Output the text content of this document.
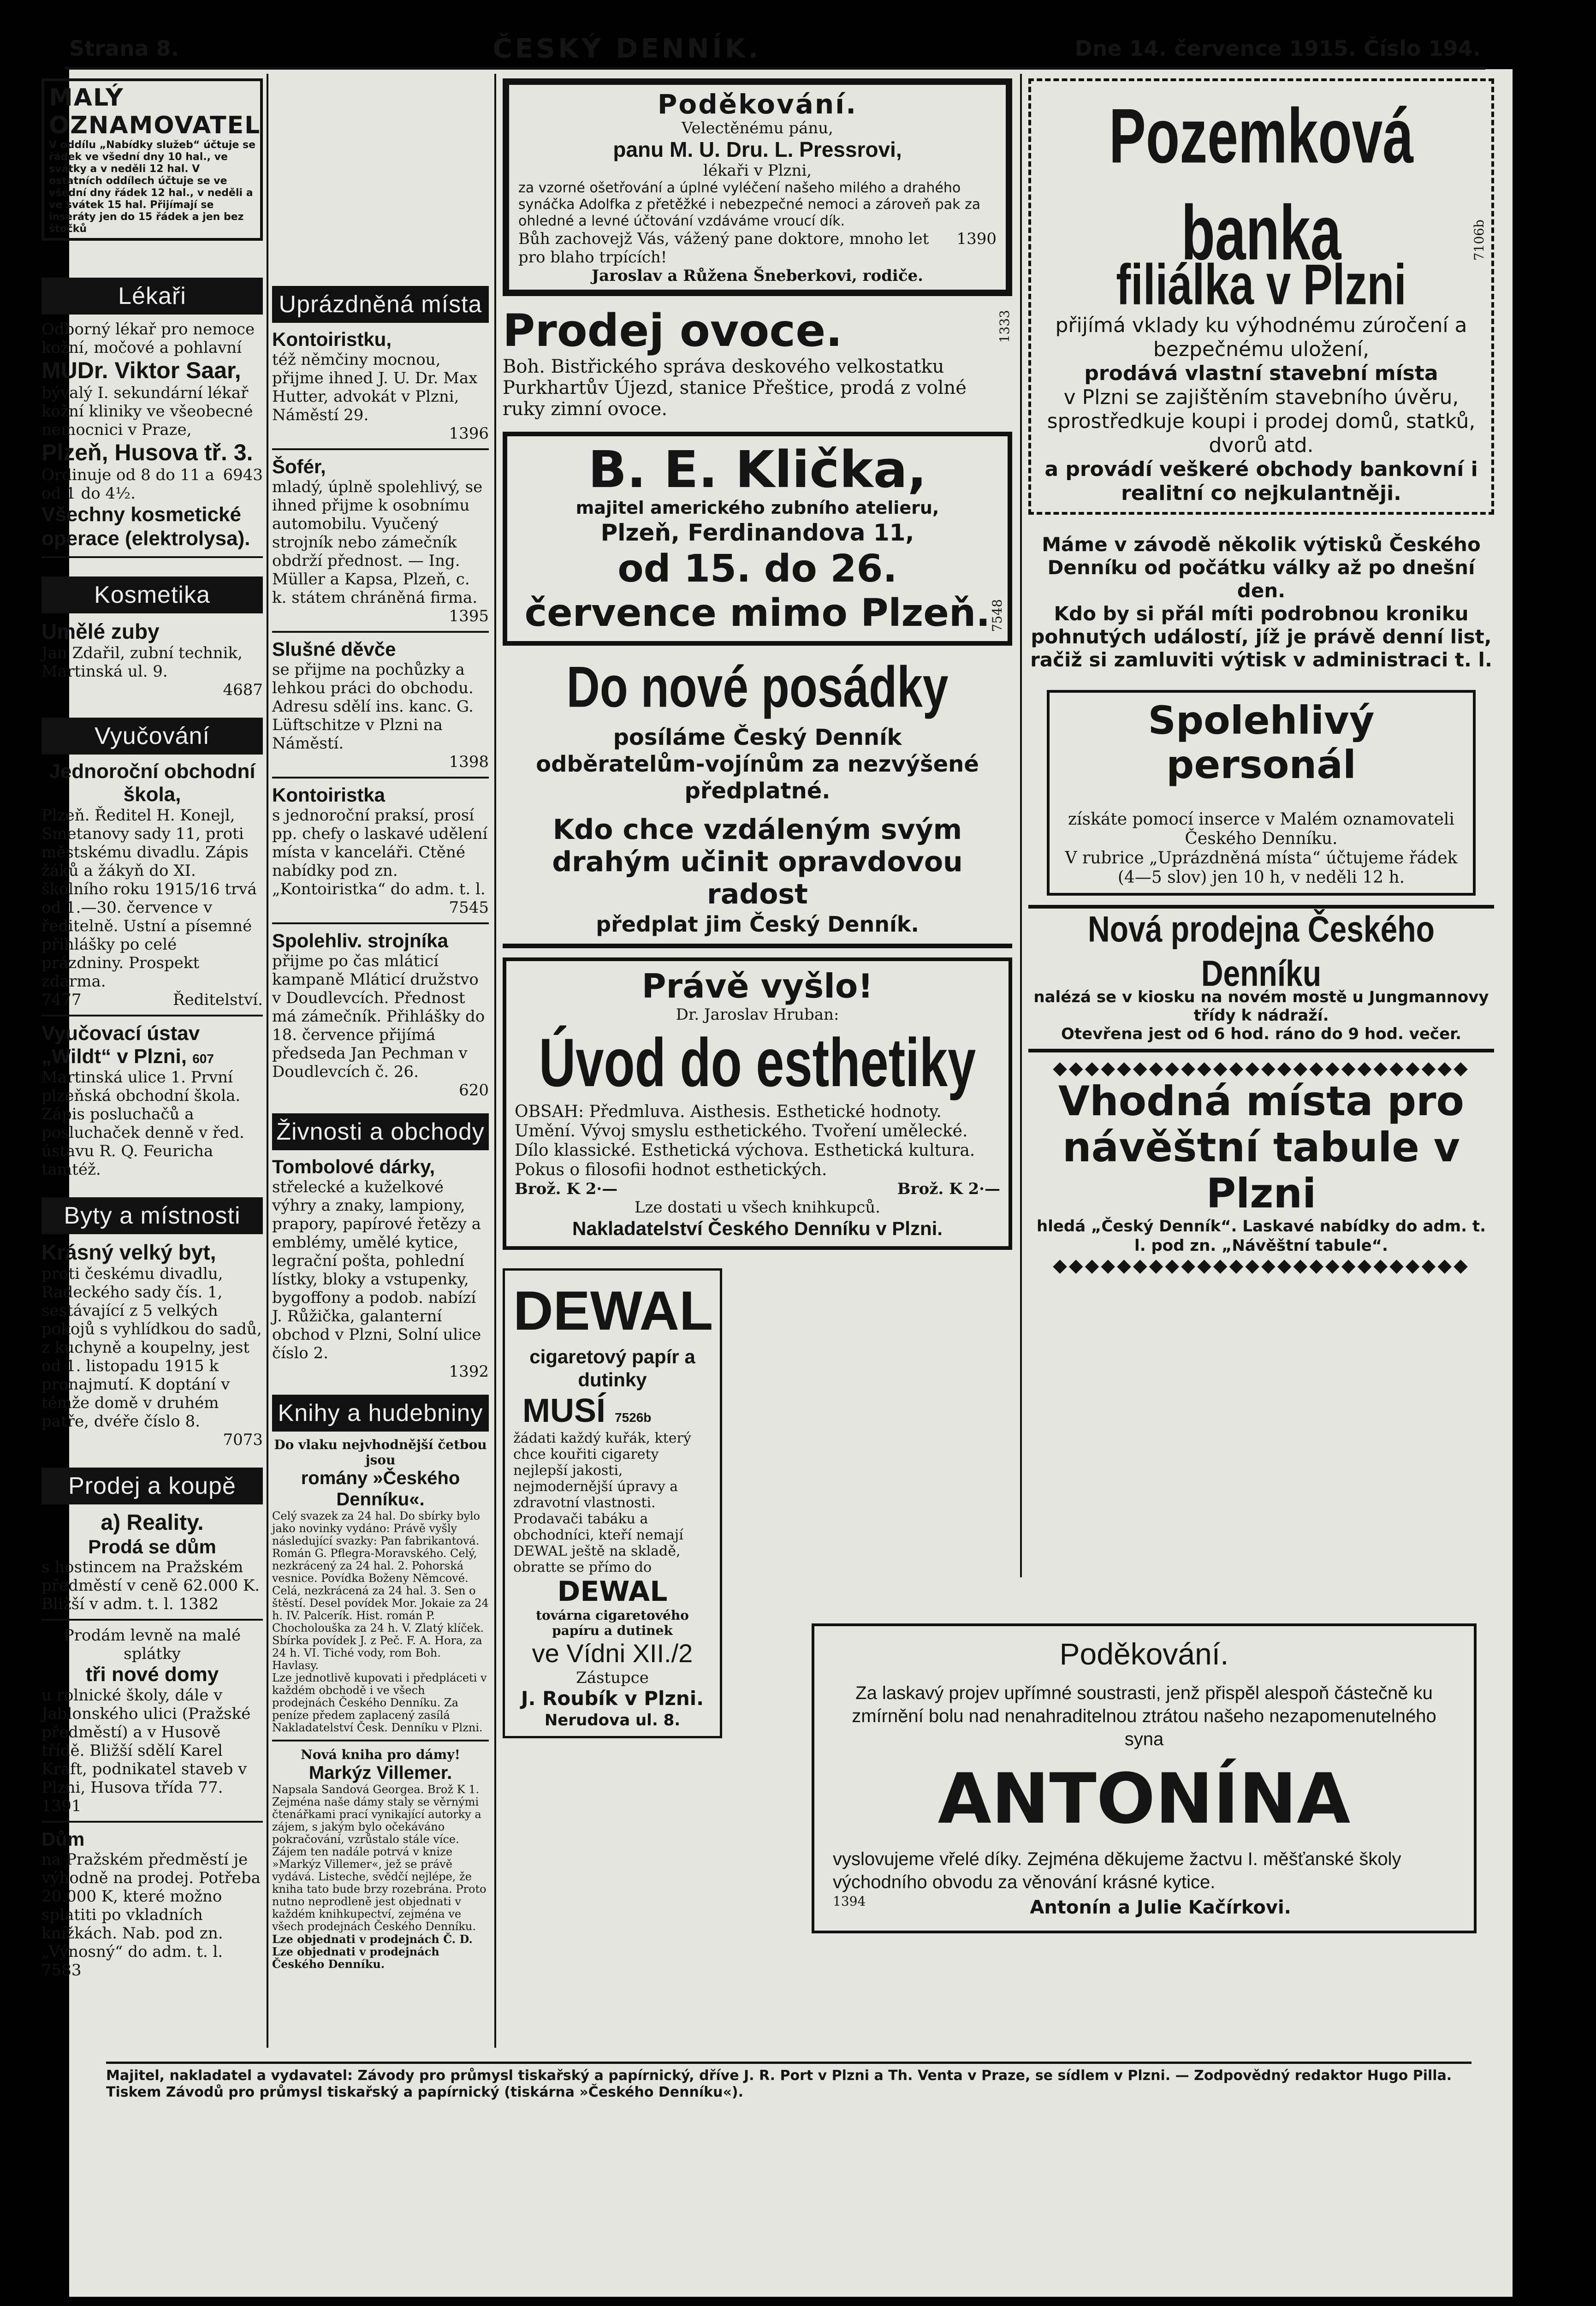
Strana 8.	ČESKÝ DENNÍK.	Dne 14. července 1915. Číslo 194.

MALÝ OZNAMOVATEL

V oddílu „Nabídky služeb“ účtuje se řádek ve všední dny 10 hal., ve svátky a v neděli 12 hal. V ostatních oddílech účtuje se ve všední dny řádek 12 hal., v neděli a ve svátek 15 hal. Přijímají se inseráty jen do 15 řádek a jen bez štočků

Lékaři

Odborný lékař pro nemoce kožní, močové a pohlavní

MUDr. Viktor Saar,

bývalý I. sekundární lékař kožní kliniky ve všeobecné nemocnici v Praze,

Plzeň, Husova tř. 3.

Ordinuje od 8 do 11 a od 1 do 4½.
6943

Všechny kosmetické operace (elektrolysa).

Kosmetika

Umělé zuby

Jan Zdařil, zubní technik, Martinská ul. 9.

4687

Vyučování

Jednoroční obchodní škola,

Plzeň. Ředitel H. Konejl, Smetanovy sady 11, proti městskému divadlu. Zápis žáků a žákyň do XI. školního roku 1915/16 trvá od 1.—30. července v ředitelně. Ustní a písemné přihlášky po celé prázdniny. Prospekt zdarma.

7477	Ředitelství.

Vyučovací ústav „Wildt“ v Plzni, 607

Martinská ulice 1. První plzeňská obchodní škola. Zápis posluchačů a posluchaček denně v řed. ústavu R. Q. Feuricha tamtéž.

Byty a místnosti

Krásný velký byt,

proti českému divadlu, Radeckého sady čís. 1, sestávající z 5 velkých pokojů s vyhlídkou do sadů, z kuchyně a koupelny, jest od 1. listopadu 1915 k pronajmutí. K doptání v témže domě v druhém patře, dvéře číslo 8.

7073

Prodej a koupě

a) Reality.

Prodá se dům

s hostincem na Pražském předměstí v ceně 62.000 K. Bližší v adm. t. l. 1382

Prodám levně na malé splátky

tři nové domy

u rolnické školy, dále v Jablonského ulici (Pražské předměstí) a v Husově třídě. Bližší sdělí Karel Kraft, podnikatel staveb v Plzni, Husova třída 77. 1391

Dům

na Pražském předměstí je výhodně na prodej. Potřeba 20.000 K, které možno splatiti po vkladních knížkách. Nab. pod zn. „Výnosný“ do adm. t. l. 7583

Uprázdněná místa

Kontoiristku,

též němčiny mocnou, přijme ihned J. U. Dr. Max Hutter, advokát v Plzni, Náměstí 29.

1396

Šofér,

mladý, úplně spolehlivý, se ihned přijme k osobnímu automobilu. Vyučený strojník nebo zámečník obdrží přednost. — Ing. Müller a Kapsa, Plzeň, c. k. státem chráněná firma.

1395

Slušné děvče

se přijme na pochůzky a lehkou práci do obchodu. Adresu sdělí ins. kanc. G. Lüftschitze v Plzni na Náměstí.

1398

Kontoiristka

s jednoroční praksí, prosí pp. chefy o laskavé udělení místa v kanceláři. Ctěné nabídky pod zn. „Kontoiristka“ do adm. t. l.

7545

Spolehliv. strojníka

přijme po čas mláticí kampaně Mláticí družstvo v Doudlevcích. Přednost má zámečník. Přihlášky do 18. července přijímá předseda Jan Pechman v Doudlevcích č. 26.

620

Živnosti a obchody

Tombolové dárky,

střelecké a kuželkové výhry a znaky, lampiony, prapory, papírové řetězy a emblémy, umělé kytice, legrační pošta, pohlední lístky, bloky a vstupenky, bygoffony a podob. nabízí J. Růžička, galanterní obchod v Plzni, Solní ulice číslo 2.

1392

Knihy a hudebniny

Do vlaku nejvhodnější četbou jsou

romány »Českého Denníku«.

Celý svazek za 24 hal. Do sbírky bylo jako novinky vydáno: Právě vyšly následující svazky: Pan fabrikantová. Román G. Pflegra-Moravského. Celý, nezkrácený za 24 hal. 2. Pohorská vesnice. Povídka Boženy Němcové. Celá, nezkrácená za 24 hal. 3. Sen o štěstí. Desel povídek Mor. Jokaie za 24 h. IV. Palcerík. Hist. román P. Chocholouška za 24 h. V. Zlatý klíček. Sbírka povídek J. z Peč. F. A. Hora, za 24 h. VI. Tiché vody, rom Boh. Havlasy.

Lze jednotlivě kupovati i předpláceti v každém obchodě i ve všech prodejnách Českého Denníku. Za peníze předem zaplacený zasílá Nakladatelství Česk. Denníku v Plzni.

Nová kniha pro dámy!

Markýz Villemer.

Napsala Sandová Georgea. Brož K 1. Zejména naše dámy staly se věrnými čtenářkami prací vynikající autorky a zájem, s jakým bylo očekáváno pokračování, vzrůstalo stále více. Zájem ten nadále potrvá v knize »Markýz Villemer«, jež se právě vydává. Listeche, svědčí nejlépe, že kniha tato bude brzy rozebrána. Proto nutno neprodleně jest objednati v každém knihkupectví, zejména ve všech prodejnách Českého Denníku.

Lze objednati v prodejnách Č. D.

Lze objednati v prodejnách Českého Denníku.

Poděkování.

Velectěnému pánu,

panu M. U. Dru. L. Pressrovi,

lékaři v Plzni,

za vzorné ošetřování a úplné vyléčení našeho milého a drahého synáčka Adolfka z přetěžké i nebezpečné nemoci a zároveň pak za ohledné a levné účtování vzdáváme vroucí dík.

Bůh zachovejž Vás, vážený pane doktore, mnoho let pro blaho trpících!
1390

Jaroslav a Růžena Šneberkovi, rodiče.

Prodej ovoce.	1333

Boh. Bistřického správa deskového velkostatku Purkhartův Újezd, stanice Přeštice, prodá z volné ruky zimní ovoce.

B. E. Klička,

majitel amerického zubního atelieru,

Plzeň, Ferdinandova 11,

od 15. do 26. července mimo Plzeň.

7548

Do nové posádky

posíláme Český Denník

odběratelům-vojínům za nezvýšené předplatné.

Kdo chce vzdáleným svým drahým učinit opravdovou radost

předplat jim Český Denník.

Právě vyšlo!

Dr. Jaroslav Hruban:

Úvod do esthetiky

OBSAH: Předmluva. Aisthesis. Esthetické hodnoty. Umění. Vývoj smyslu esthetického. Tvoření umělecké. Dílo klassické. Esthetická výchova. Esthetická kultura. Pokus o filosofii hodnot esthetických.

Brož. K 2·—	Brož. K 2·—

Lze dostati u všech knihkupců.

Nakladatelství Českého Denníku v Plzni.

DEWAL

cigaretový papír a dutinky

MUSÍ 7526b

žádati každý kuřák, který chce kouřiti cigarety nejlepší jakosti, nejmodernější úpravy a zdravotní vlastnosti.

Prodavači tabáku a obchodníci, kteří nemají DEWAL ještě na skladě, obratte se přímo do

DEWAL

továrna cigaretového papíru a dutinek

ve Vídni XII./2

Zástupce

J. Roubík v Plzni.

Nerudova ul. 8.

Pozemková banka

filiálka v Plzni

7106b

přijímá vklady ku výhodnému zúročení a bezpečnému uložení,

prodává vlastní stavební místa

v Plzni se zajištěním stavebního úvěru, sprostředkuje koupi i prodej domů, statků, dvorů atd.

a provádí veškeré obchody bankovní i realitní co nejkulantněji.

Máme v závodě několik výtisků Českého Denníku od počátku války až po dnešní den.

Kdo by si přál míti podrobnou kroniku pohnutých událostí, jíž je právě denní list, račiž si zamluviti výtisk v administraci t. l.

Spolehlivý personál

získáte pomocí inserce v Malém oznamovateli Českého Denníku.

V rubrice „Uprázdněná místa“ účtujeme řádek (4—5 slov) jen 10 h, v neděli 12 h.

Nová prodejna Českého Denníku

nalézá se v kiosku na novém mostě u Jungmannovy třídy k nádraží.

Otevřena jest od 6 hod. ráno do 9 hod. večer.

◆◆◆◆◆◆◆◆◆◆◆◆◆◆◆◆◆◆◆◆◆◆◆◆◆◆

Vhodná místa pro návěštní tabule v Plzni

hledá „Český Denník“. Laskavé nabídky do adm. t. l. pod zn. „Návěštní tabule“.

◆◆◆◆◆◆◆◆◆◆◆◆◆◆◆◆◆◆◆◆◆◆◆◆◆◆

Poděkování.

Za laskavý projev upřímné soustrasti, jenž přispěl alespoň částečně ku zmírnění bolu nad nenahraditelnou ztrátou našeho nezapomenutelného syna

ANTONÍNA

vyslovujeme vřelé díky. Zejména děkujeme žactvu I. měšťanské školy východního obvodu za věnování krásné kytice.

1394	Antonín a Julie Kačírkovi.

Majitel, nakladatel a vydavatel: Závody pro průmysl tiskařský a papírnický, dříve J. R. Port v Plzni a Th. Venta v Praze, se sídlem v Plzni. — Zodpovědný redaktor Hugo Pilla. Tiskem Závodů pro průmysl tiskařský a papírnický (tiskárna »Českého Denníku«).
